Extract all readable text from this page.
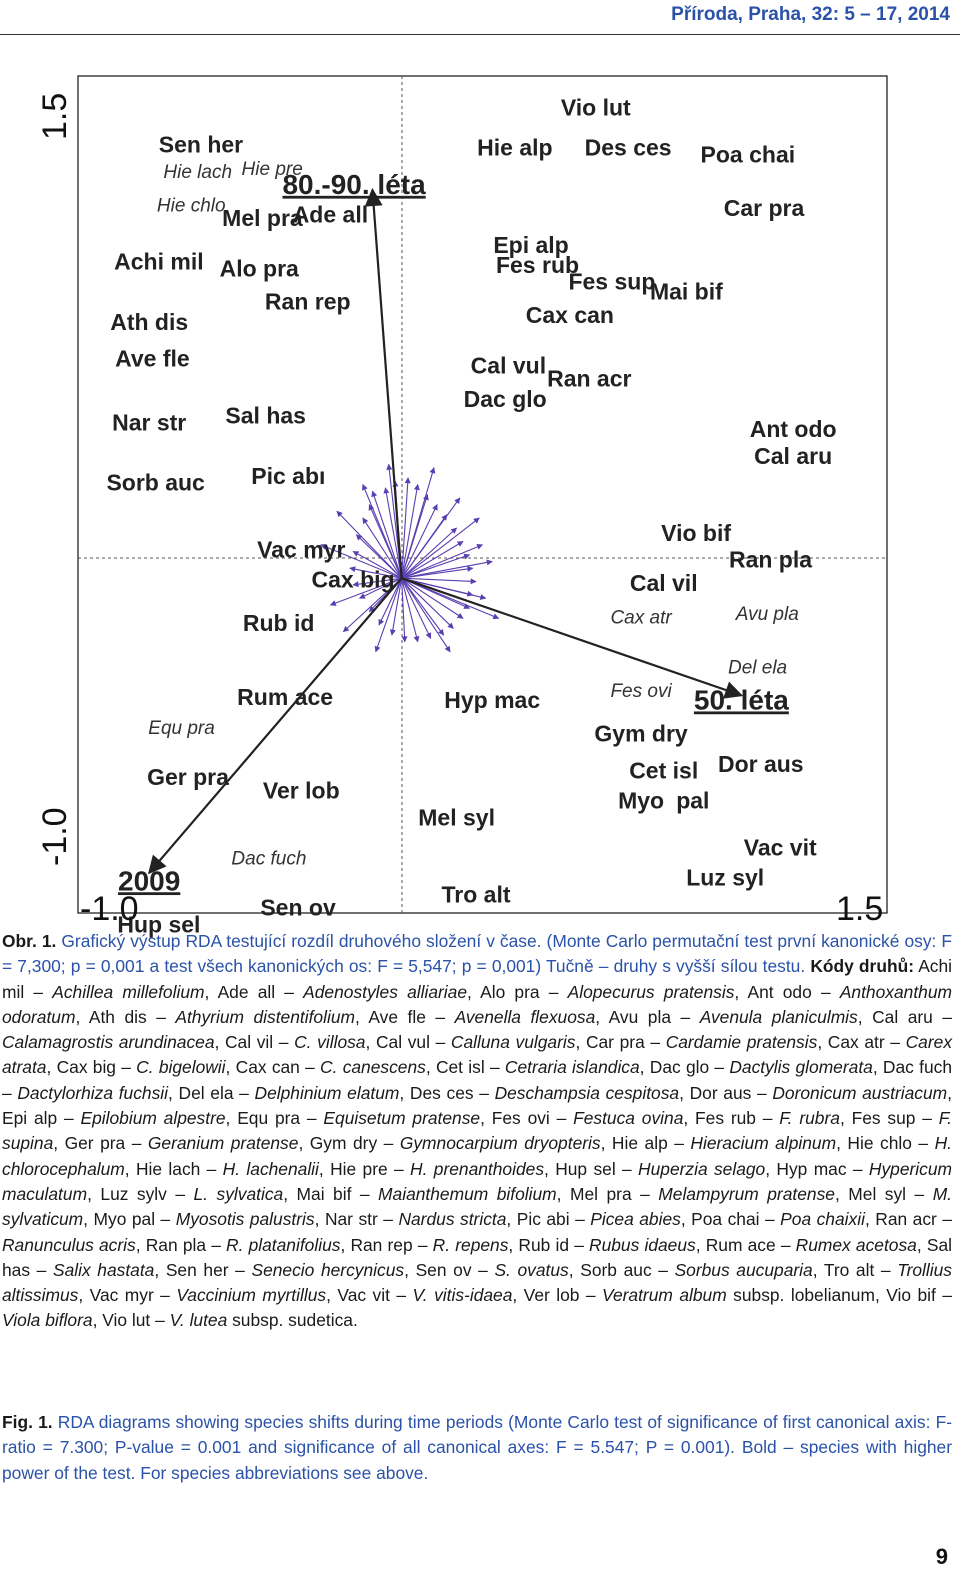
Příroda, Praha, 32: 5 – 17, 2014
Vio lut
Hie alp Des ces Poa chai
Sen her
Mel pra
Ade all	Car pra
Epi alp
Achi mil Alo pra	Fes rub
Fes sup
Mai bif
Ran rep
Cax can
Ath dis
Cal vul
Ave fle
Ran acr
Dac glo
Sal has
Nar str	Ant odo
Cal aru
Sorb auc Pic abı
Vio bif
Vac myr	Ran pla
Cax big	Cal vil
Rub id
Rum ace	Hyp mac	50. léta
Gym dry
Dor aus
Ger pra	Cet isl
Ver lob	Myo pal
Mel syl
Vac vit
2009	Luz syl
Tro alt
Sen ov
Hup sel
Hie pre
Hie lach
Hie chlo
Cax atr	Avu pla
Del ela
Fes ovi
Equ pra
Dac fuch
80.-90. léta
-1.0	1.5
1.5
-1.0
Obr. 1. Grafický výstup RDA testující rozdíl druhového složení v čase. (Monte Carlo permutační test první kanonické osy: F = 7,300; p = 0,001 a test všech kanonických os: F = 5,547; p = 0,001) Tučně – druhy s vyšší sílou testu. Kódy druhů: Achi mil – Achillea millefolium, Ade all – Adenostyles alliariae, Alo pra – Alopecurus pratensis, Ant odo – Anthoxanthum odoratum, Ath dis – Athyrium distentifolium, Ave fle – Avenella flexuosa, Avu pla – Avenula planiculmis, Cal aru – Calamagrostis arundinacea, Cal vil – C. villosa, Cal vul – Calluna vulgaris, Car pra – Cardamie pratensis, Cax atr – Carex atrata, Cax big – C. bigelowii, Cax can – C. canescens, Cet isl – Cetraria islandica, Dac glo – Dactylis glomerata, Dac fuch – Dactylorhiza fuchsii, Del ela – Delphinium elatum, Des ces – Deschampsia cespitosa, Dor aus – Doronicum austriacum, Epi alp – Epilobium alpestre, Equ pra – Equisetum pratense, Fes ovi – Festuca ovina, Fes rub – F. rubra, Fes sup – F. supina, Ger pra – Geranium pratense, Gym dry – Gymnocarpium dryopteris, Hie alp – Hieracium alpinum, Hie chlo – H. chlorocephalum, Hie lach – H. lachenalii, Hie pre – H. prenanthoides, Hup sel – Huperzia selago, Hyp mac – Hypericum maculatum, Luz sylv – L. sylvatica, Mai bif – Maianthemum bifolium, Mel pra – Melampyrum pratense, Mel syl – M. sylvaticum, Myo pal – Myosotis palustris, Nar str – Nardus stricta, Pic abi – Picea abies, Poa chai – Poa chaixii, Ran acr – Ranunculus acris, Ran pla – R. platanifolius, Ran rep – R. repens, Rub id – Rubus idaeus, Rum ace – Rumex acetosa, Sal has – Salix hastata, Sen her – Senecio hercynicus, Sen ov – S. ovatus, Sorb auc – Sorbus aucuparia, Tro alt – Trollius altissimus, Vac myr – Vaccinium myrtillus, Vac vit – V. vitis-idaea, Ver lob – Veratrum album subsp. lobelianum, Vio bif – Viola biflora, Vio lut – V. lutea subsp. sudetica.
Fig. 1. RDA diagrams showing species shifts during time periods (Monte Carlo test of significance of first canonical axis: F-ratio = 7.300; P-value = 0.001 and significance of all canonical axes: F = 5.547; P = 0.001). Bold – species with higher power of the test. For species abbreviations see above.
9
